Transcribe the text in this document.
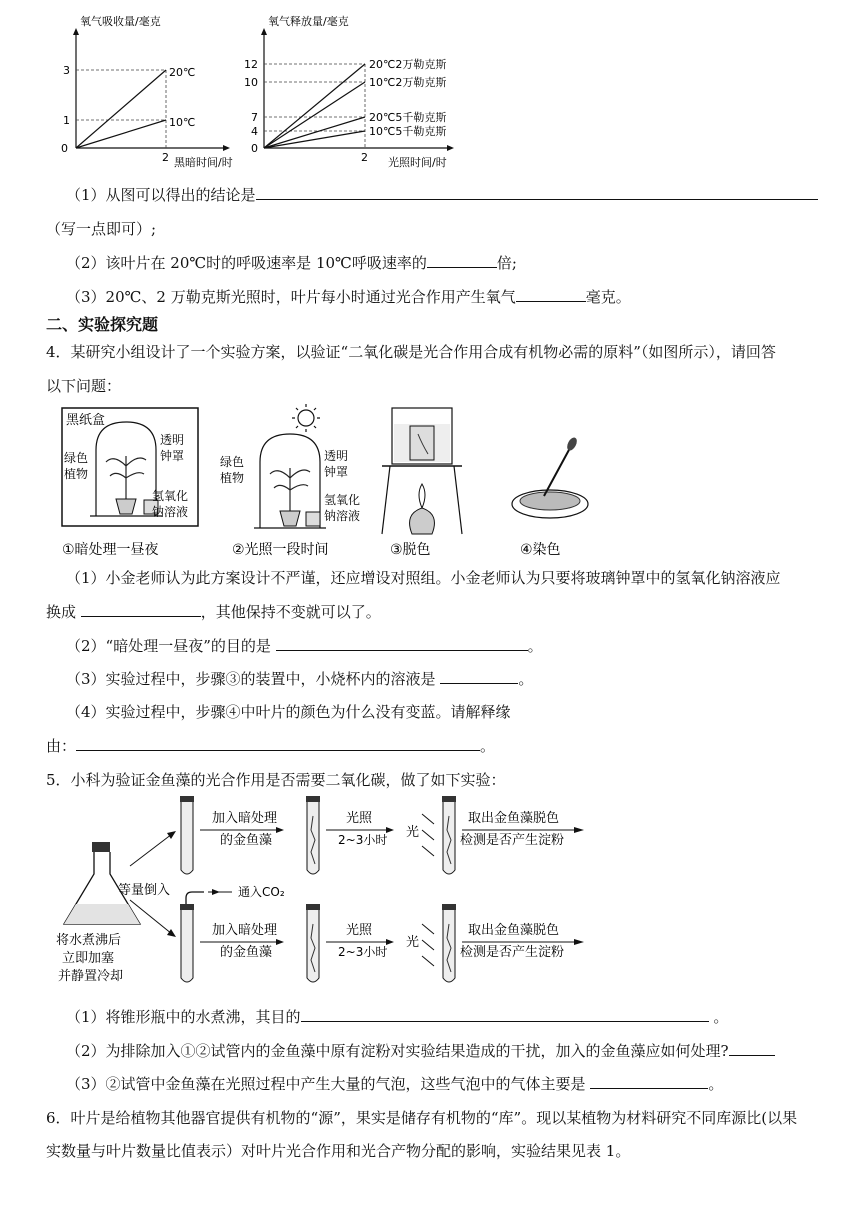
氧气吸收量/毫克
3
1
0
2 黑暗时间/时
20℃
10℃
氧气释放量/毫克
12
10
7
4
0
2 光照时间/时
20℃2万勒克斯
10℃2万勒克斯
20℃5千勒克斯
10℃5千勒克斯
（1）从图可以得出的结论是
（写一点即可）;
（2）该叶片在 20℃时的呼吸速率是 10℃呼吸速率的	倍;
（3）20℃、2 万勒克斯光照时，叶片每小时通过光合作用产生氧气	毫克。
二、实验探究题
4．某研究小组设计了一个实验方案，以验证“二氧化碳是光合作用合成有机物必需的原料”（如图所示），请回答
以下问题：
黑纸盒
绿色
植物
透明
钟罩
氢氧化
钠溶液
绿色
植物
透明
钟罩
氢氧化
钠溶液
①暗处理一昼夜	②光照一段时间	③脱色	④染色
（1）小金老师认为此方案设计不严谨，还应增设对照组。小金老师认为只要将玻璃钟罩中的氢氧化钠溶液应
换成	，其他保持不变就可以了。
（2）“暗处理一昼夜”的目的是	。
（3）实验过程中，步骤③的装置中，小烧杯内的溶液是	。
（4）实验过程中，步骤④中叶片的颜色为什么没有变蓝。请解释缘
由：	。
5．小科为验证金鱼藻的光合作用是否需要二氧化碳，做了如下实验：
将水煮沸后
立即加塞
并静置冷却
等量倒入
加入暗处理
的金鱼藻
光照
2~3小时 光
取出金鱼藻脱色
检测是否产生淀粉
通入CO₂
加入暗处理
的金鱼藻
光照
2~3小时
光
取出金鱼藻脱色
检测是否产生淀粉
（1）将锥形瓶中的水煮沸，其目的	。
（2）为排除加入①②试管内的金鱼藻中原有淀粉对实验结果造成的干扰，加入的金鱼藻应如何处理?
（3）②试管中金鱼藻在光照过程中产生大量的气泡，这些气泡中的气体主要是	。
6．叶片是给植物其他器官提供有机物的“源”，果实是储存有机物的“库”。现以某植物为材料研究不同库源比(以果
实数量与叶片数量比值表示）对叶片光合作用和光合产物分配的影响，实验结果见表 1。
